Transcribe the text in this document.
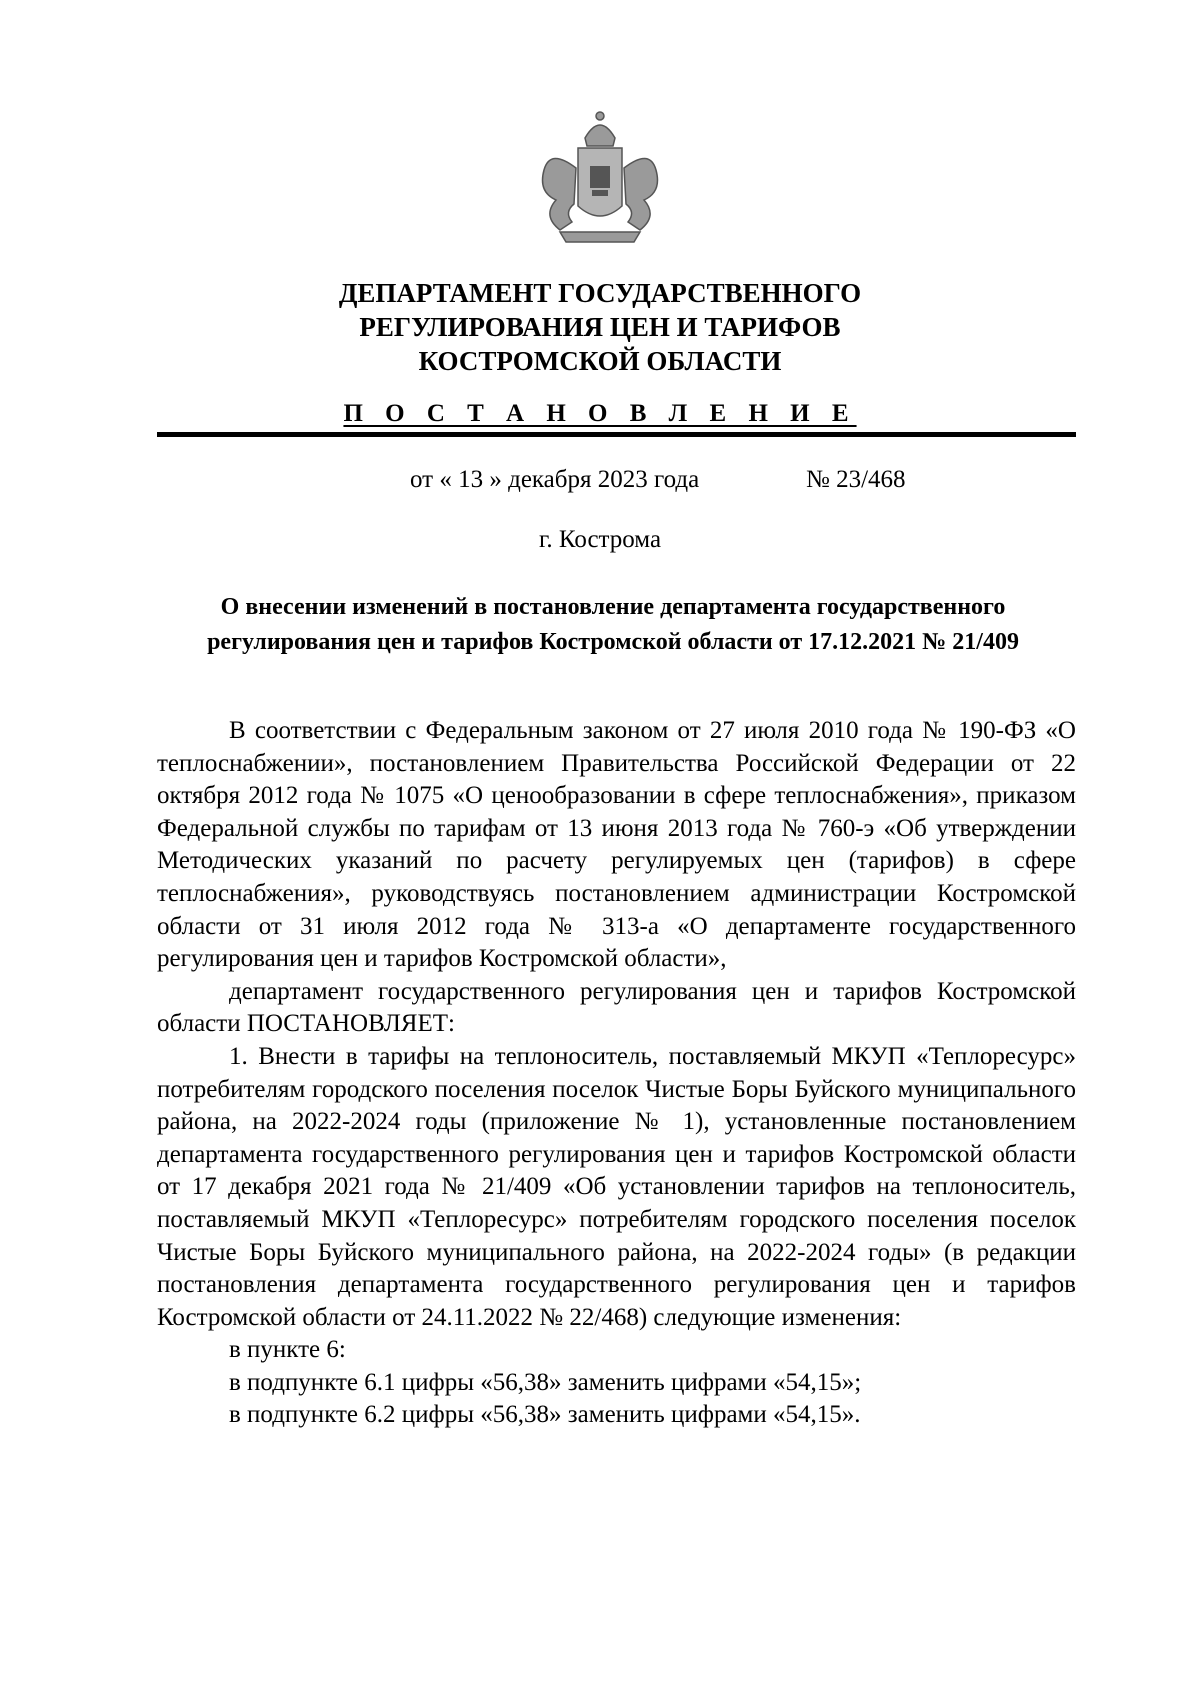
ДЕПАРТАМЕНТ ГОСУДАРСТВЕННОГО
РЕГУЛИРОВАНИЯ ЦЕН И ТАРИФОВ
КОСТРОМСКОЙ ОБЛАСТИ
П О С Т А Н О В Л Е Н И Е
от « 13 » декабря 2023 года	№ 23/468
г. Кострома
О внесении изменений в постановление департамента государственного
регулирования цен и тарифов Костромской области от 17.12.2021 № 21/409

В соответствии с Федеральным законом от 27 июля 2010 года № 190-ФЗ «О теплоснабжении», постановлением Правительства Российской Федерации от 22 октября 2012 года № 1075 «О ценообразовании в сфере теплоснабжения», приказом Федеральной службы по тарифам от 13 июня 2013 года № 760-э «Об утверждении Методических указаний по расчету регулируемых цен (тарифов) в сфере теплоснабжения», руководствуясь постановлением администрации Костромской области от 31 июля 2012 года № 313-а «О департаменте государственного регулирования цен и тарифов Костромской области»,

департамент государственного регулирования цен и тарифов Костромской области ПОСТАНОВЛЯЕТ:

1. Внести в тарифы на теплоноситель, поставляемый МКУП «Теплоресурс» потребителям городского поселения поселок Чистые Боры Буйского муниципального района, на 2022-2024 годы (приложение № 1), установленные постановлением департамента государственного регулирования цен и тарифов Костромской области от 17 декабря 2021 года № 21/409 «Об установлении тарифов на теплоноситель, поставляемый МКУП «Теплоресурс» потребителям городского поселения поселок Чистые Боры Буйского муниципального района, на 2022-2024 годы» (в редакции постановления департамента государственного регулирования цен и тарифов Костромской области от 24.11.2022 № 22/468) следующие изменения:

в пункте 6:

в подпункте 6.1 цифры «56,38» заменить цифрами «54,15»;

в подпункте 6.2 цифры «56,38» заменить цифрами «54,15».
